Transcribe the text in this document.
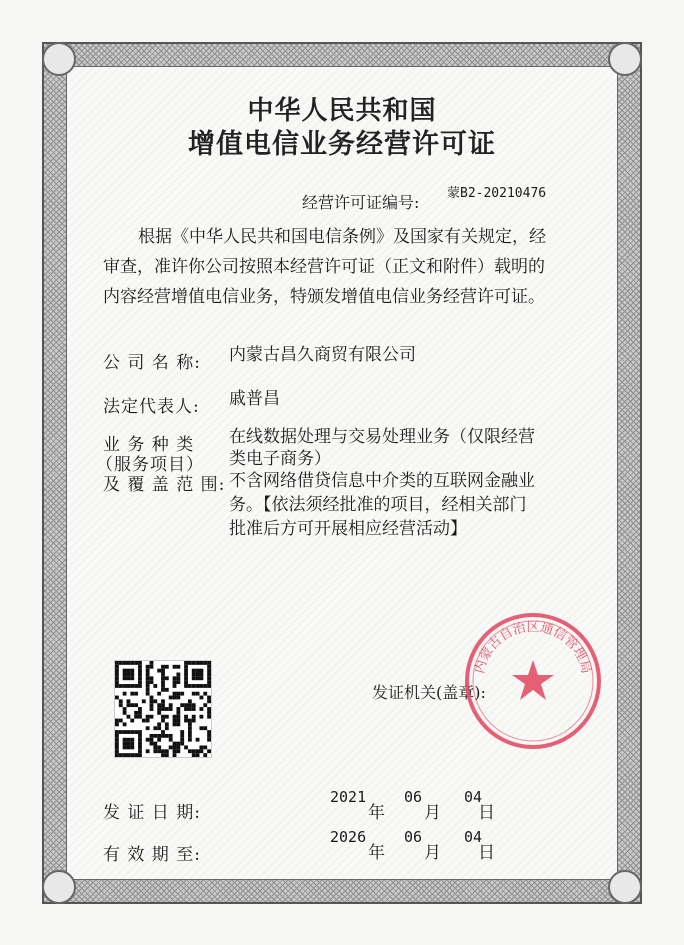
中华人民共和国
增值电信业务经营许可证
经营许可证编号: 蒙B2-20210476
根据《中华人民共和国电信条例》及国家有关规定，经
审查，准许你公司按照本经营许可证（正文和附件）载明的
内容经营增值电信业务，特颁发增值电信业务经营许可证。
公 司 名 称: 内蒙古昌久商贸有限公司
法定代表人: 戚普昌
业 务 种 类
（服务项目）
及 覆 盖 范 围:
在线数据处理与交易处理业务（仅限经营
类电子商务）
不含网络借贷信息中介类的互联网金融业
务。【依法须经批准的项目，经相关部门
批准后方可开展相应经营活动】
发证机关(盖章):
内蒙古自治区通信管理局
发 证 日 期:
2021
年
06
月
04
日
有 效 期 至:
2026
年
06
月
04
日
